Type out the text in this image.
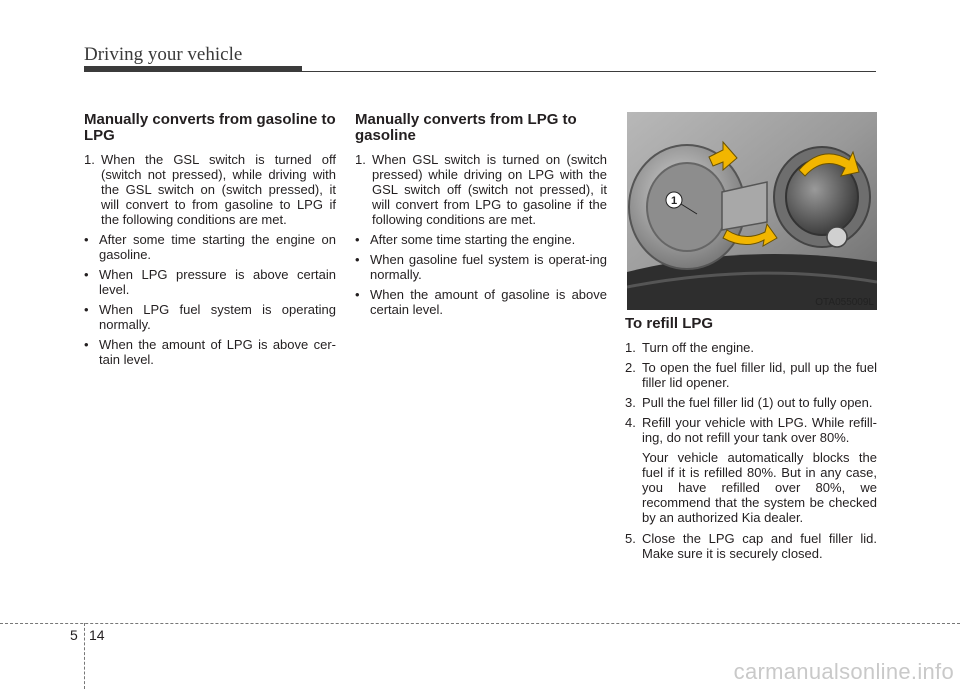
Driving your vehicle
Manually converts from gasoline to LPG
1. When the GSL switch is turned off (switch not pressed), while driving with the GSL switch on (switch pressed), it will convert to from gasoline to LPG if the following conditions are met.
• After some time starting the engine on gasoline.
• When LPG pressure is above certain level.
• When LPG fuel system is operating normally.
• When the amount of LPG is above cer-tain level.
Manually converts from LPG to gasoline
1. When GSL switch is turned on (switch pressed) while driving on LPG with the GSL switch off (switch not pressed), it will convert from LPG to gasoline if the following conditions are met.
• After some time starting the engine.
• When gasoline fuel system is operat-ing normally.
• When the amount of gasoline is above certain level.
1
OTA055009L
To refill LPG
1. Turn off the engine.
2. To open the fuel filler lid, pull up the fuel filler lid opener.
3. Pull the fuel filler lid (1) out to fully open.
4. Refill your vehicle with LPG. While refill-ing, do not refill your tank over 80%.
Your vehicle automatically blocks the fuel if it is refilled 80%. But in any case, you have refilled over 80%, we recommend that the system be checked by an authorized Kia dealer.
5. Close the LPG cap and fuel filler lid. Make sure it is securely closed.
5 14
carmanualsonline.info
